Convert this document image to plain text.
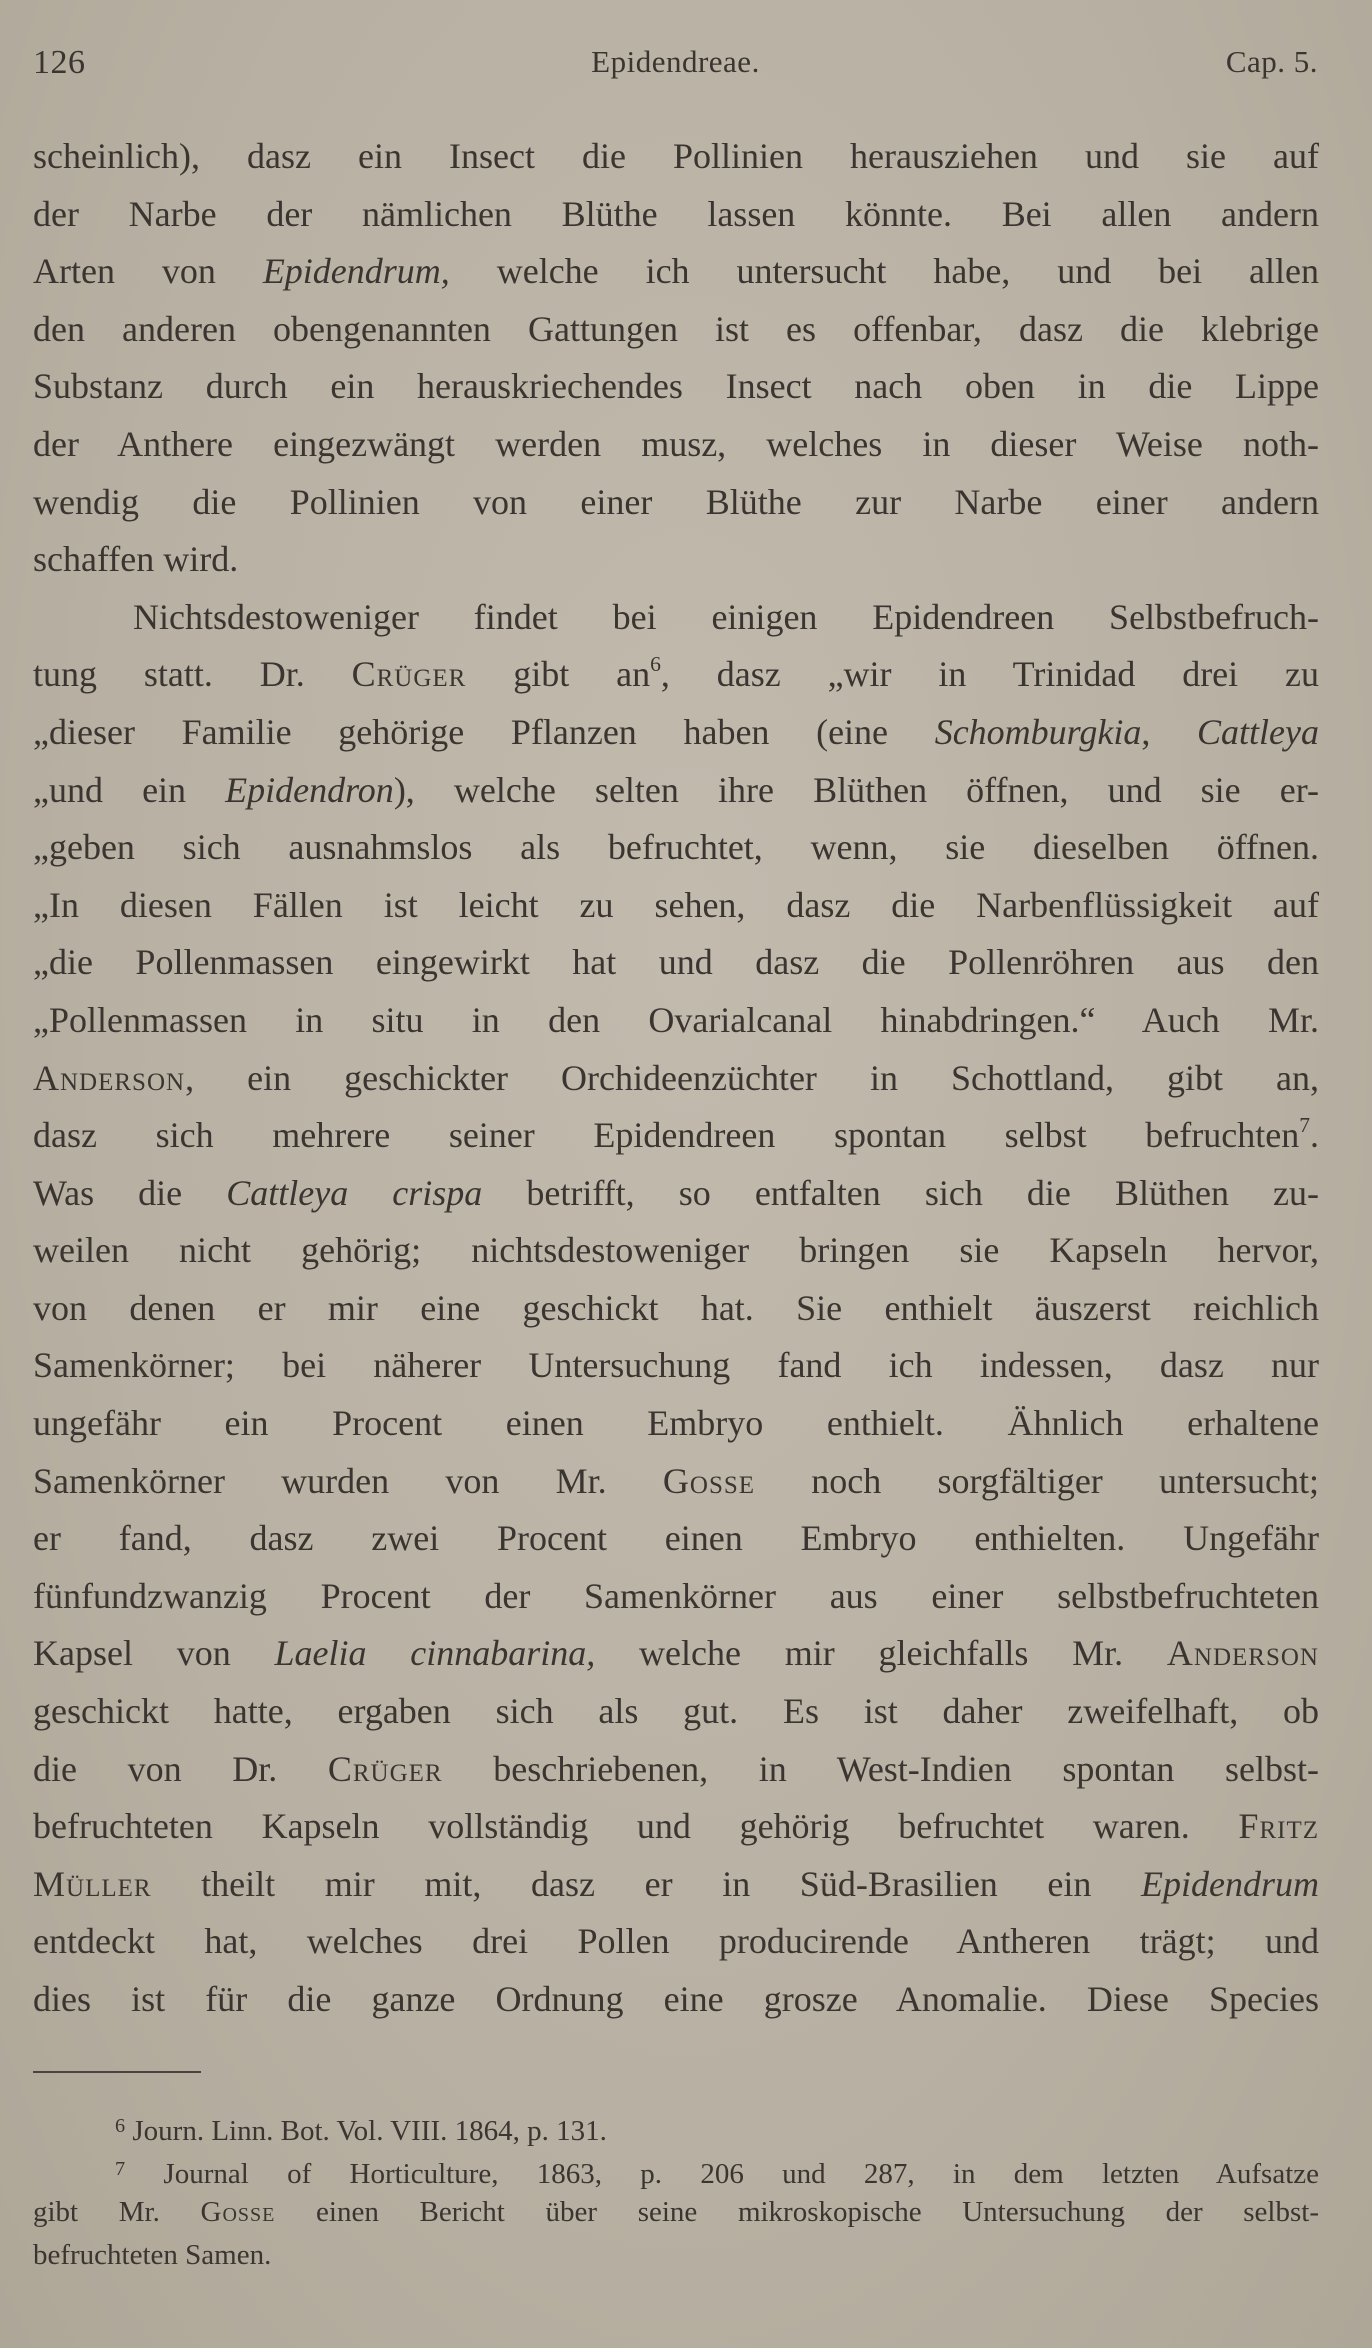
126	Epidendreae.	Cap. 5.
scheinlich), dasz ein Insect die Pollinien herausziehen und sie auf
der Narbe der nämlichen Blüthe lassen könnte. Bei allen andern
Arten von Epidendrum, welche ich untersucht habe, und bei allen
den anderen obengenannten Gattungen ist es offenbar, dasz die klebrige
Substanz durch ein herauskriechendes Insect nach oben in die Lippe
der Anthere eingezwängt werden musz, welches in dieser Weise noth-
wendig die Pollinien von einer Blüthe zur Narbe einer andern
schaffen wird.
Nichtsdestoweniger findet bei einigen Epidendreen Selbstbefruch-
tung statt. Dr. Crüger gibt $an^6$, dasz „wir in Trinidad drei zu
„dieser Familie gehörige Pflanzen haben (eine Schomburgkia, Cattleya
„und ein Epidendron), welche selten ihre Blüthen öffnen, und sie er-
„geben sich ausnahmslos als befruchtet, wenn, sie dieselben öffnen.
„In diesen Fällen ist leicht zu sehen, dasz die Narbenflüssigkeit auf
„die Pollenmassen eingewirkt hat und dasz die Pollenröhren aus den
„Pollenmassen in situ in den Ovarialcanal hinabdringen.“ Auch Mr.
Anderson, ein geschickter Orchideenzüchter in Schottland, gibt an,
dasz sich mehrere seiner Epidendreen spontan selbst befruchten$^7$.
Was die Cattleya crispa betrifft, so entfalten sich die Blüthen zu-
weilen nicht gehörig; nichtsdestoweniger bringen sie Kapseln hervor,
von denen er mir eine geschickt hat. Sie enthielt äuszerst reichlich
Samenkörner; bei näherer Untersuchung fand ich indessen, dasz nur
ungefähr ein Procent einen Embryo enthielt. Ähnlich erhaltene
Samenkörner wurden von Mr. Gosse noch sorgfältiger untersucht;
er fand, dasz zwei Procent einen Embryo enthielten. Ungefähr
fünfundzwanzig Procent der Samenkörner aus einer selbstbefruchteten
Kapsel von Laelia cinnabarina, welche mir gleichfalls Mr. Anderson
geschickt hatte, ergaben sich als gut. Es ist daher zweifelhaft, ob
die von Dr. Crüger beschriebenen, in West-Indien spontan selbst-
befruchteten Kapseln vollständig und gehörig befruchtet waren. Fritz
Müller theilt mir mit, dasz er in Süd-Brasilien ein Epidendrum
entdeckt hat, welches drei Pollen producirende Antheren trägt; und
dies ist für die ganze Ordnung eine grosze Anomalie. Diese Species
$^6$ Journ. Linn. Bot. Vol. VIII. 1864, p. 131.
$^7$ Journal of Horticulture, 1863, p. 206 und 287, in dem letzten Aufsatze
gibt Mr. Gosse einen Bericht über seine mikroskopische Untersuchung der selbst-
befruchteten Samen.
